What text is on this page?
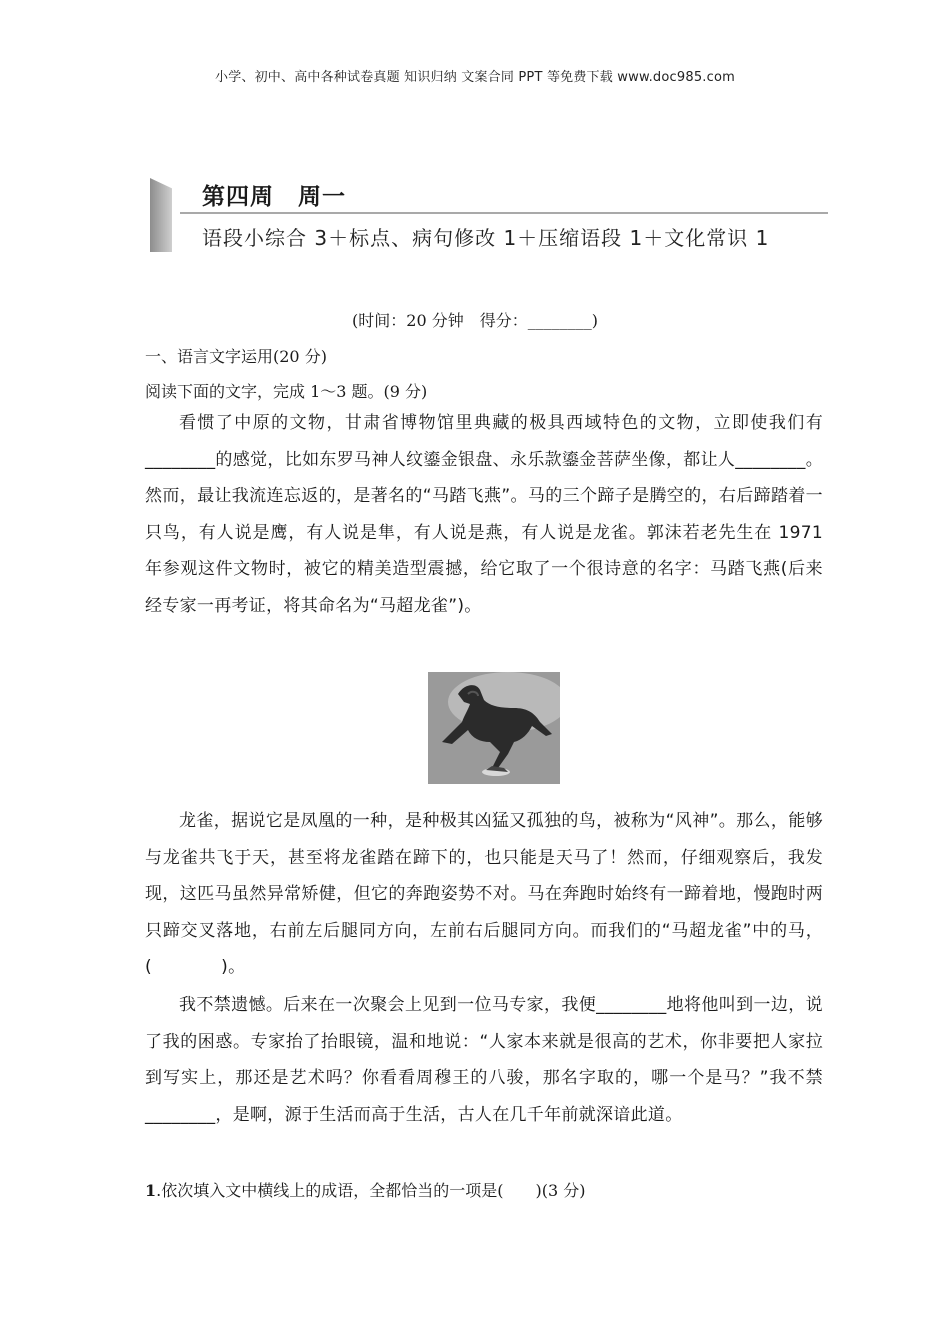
小学、初中、高中各种试卷真题 知识归纳 文案合同 PPT 等免费下载 www.doc985.com
第四周　周一
语段小综合 3＋标点、病句修改 1＋压缩语段 1＋文化常识 1
(时间：20 分钟　得分：________)
一、语言文字运用(20 分)
阅读下面的文字，完成 1～3 题。(9 分)

看惯了中原的文物，甘肃省博物馆里典藏的极具西域特色的文物，立即使我们有________的感觉，比如东罗马神人纹鎏金银盘、永乐款鎏金菩萨坐像，都让人________。然而，最让我流连忘返的，是著名的“马踏飞燕”。马的三个蹄子是腾空的，右后蹄踏着一只鸟，有人说是鹰，有人说是隼，有人说是燕，有人说是龙雀。郭沫若老先生在 1971 年参观这件文物时，被它的精美造型震撼，给它取了一个很诗意的名字：马踏飞燕(后来经专家一再考证，将其命名为“马超龙雀”)。

龙雀，据说它是凤凰的一种，是种极其凶猛又孤独的鸟，被称为“风神”。那么，能够与龙雀共飞于天，甚至将龙雀踏在蹄下的，也只能是天马了！然而，仔细观察后，我发现，这匹马虽然异常矫健，但它的奔跑姿势不对。马在奔跑时始终有一蹄着地，慢跑时两只蹄交叉落地，右前左后腿同方向，左前右后腿同方向。而我们的“马超龙雀”中的马，(　　　　)。

我不禁遗憾。后来在一次聚会上见到一位马专家，我便________地将他叫到一边，说了我的困惑。专家抬了抬眼镜，温和地说：“人家本来就是很高的艺术，你非要把人家拉到写实上，那还是艺术吗？你看看周穆王的八骏，那名字取的，哪一个是马？”我不禁________，是啊，源于生活而高于生活，古人在几千年前就深谙此道。

1.依次填入文中横线上的成语，全都恰当的一项是(　　)(3 分)
